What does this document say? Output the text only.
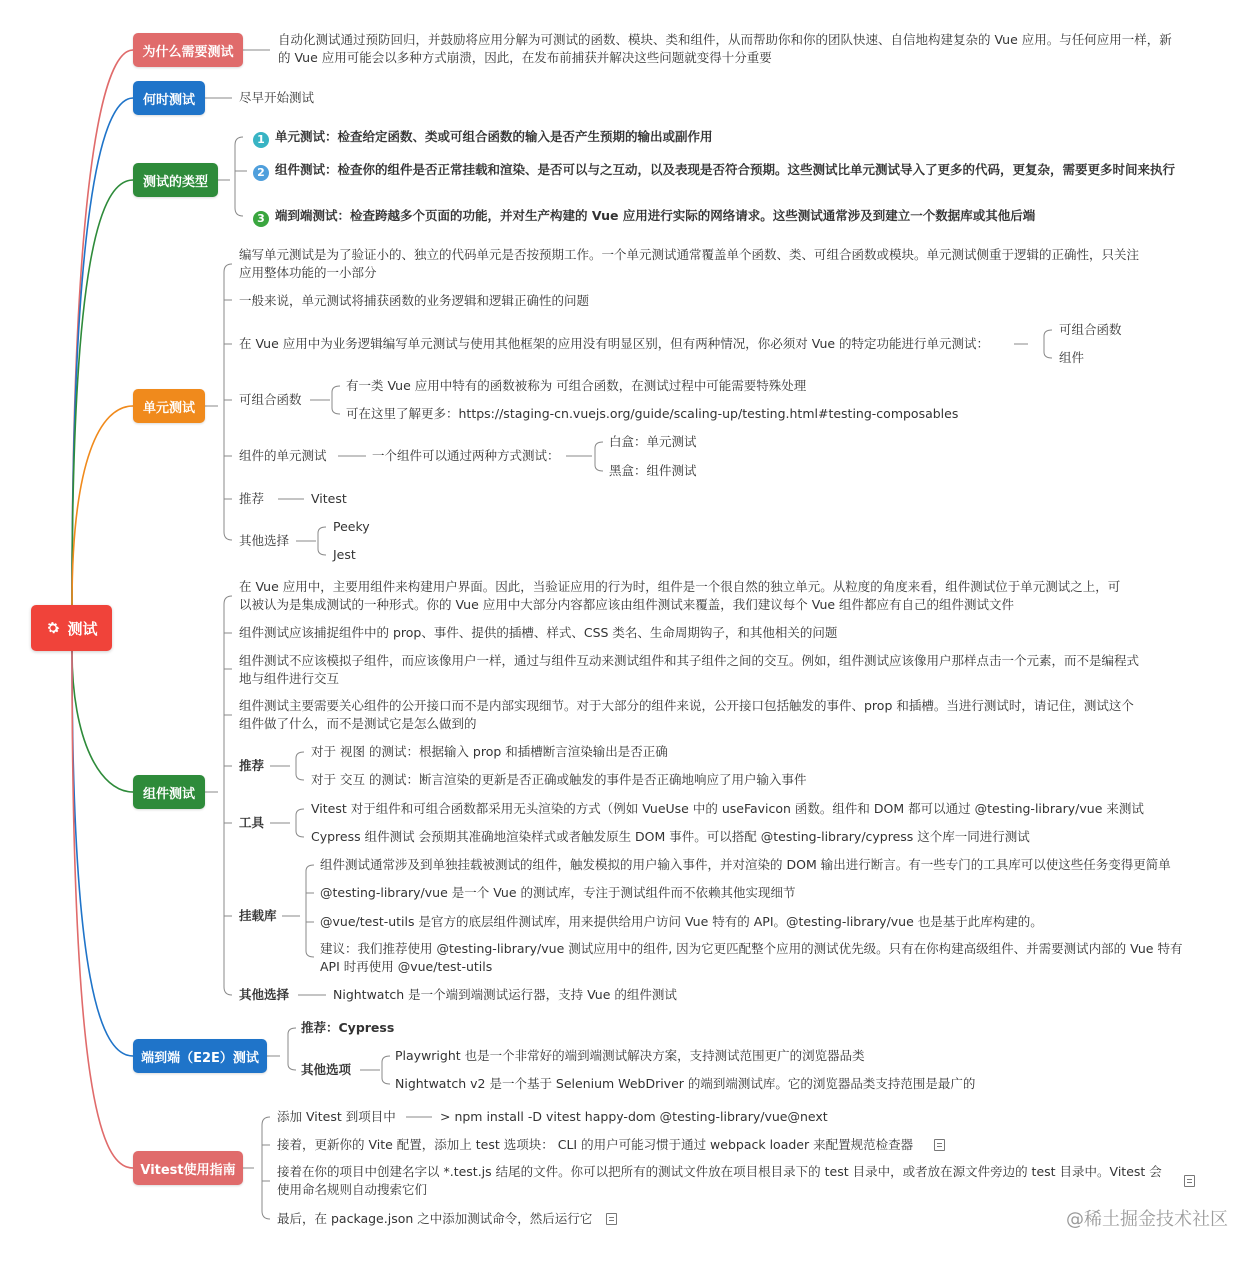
测试
为什么需要测试
何时测试
测试的类型
单元测试
组件测试
端到端（E2E）测试
Vitest使用指南
自动化测试通过预防回归，并鼓励将应用分解为可测试的函数、模块、类和组件，从而帮助你和你的团队快速、自信地构建复杂的 Vue 应用。与任何应用一样，新的 Vue 应用可能会以多种方式崩溃，因此，在发布前捕获并解决这些问题就变得十分重要
尽早开始测试
1 单元测试：检查给定函数、类或可组合函数的输入是否产生预期的输出或副作用
2 组件测试：检查你的组件是否正常挂载和渲染、是否可以与之互动，以及表现是否符合预期。这些测试比单元测试导入了更多的代码，更复杂，需要更多时间来执行
3 端到端测试：检查跨越多个页面的功能，并对生产构建的 Vue 应用进行实际的网络请求。这些测试通常涉及到建立一个数据库或其他后端
编写单元测试是为了验证小的、独立的代码单元是否按预期工作。一个单元测试通常覆盖单个函数、类、可组合函数或模块。单元测试侧重于逻辑的正确性，只关注应用整体功能的一小部分
一般来说，单元测试将捕获函数的业务逻辑和逻辑正确性的问题
在 Vue 应用中为业务逻辑编写单元测试与使用其他框架的应用没有明显区别，但有两种情况，你必须对 Vue 的特定功能进行单元测试：
可组合函数
组件
可组合函数
有一类 Vue 应用中特有的函数被称为 可组合函数，在测试过程中可能需要特殊处理
可在这里了解更多：https://staging-cn.vuejs.org/guide/scaling-up/testing.html#testing-composables
组件的单元测试	一个组件可以通过两种方式测试：
白盒：单元测试
黑盒：组件测试
推荐	Vitest
其他选择
Peeky
Jest
在 Vue 应用中，主要用组件来构建用户界面。因此，当验证应用的行为时，组件是一个很自然的独立单元。从粒度的角度来看，组件测试位于单元测试之上，可以被认为是集成测试的一种形式。你的 Vue 应用中大部分内容都应该由组件测试来覆盖，我们建议每个 Vue 组件都应有自己的组件测试文件
组件测试应该捕捉组件中的 prop、事件、提供的插槽、样式、CSS 类名、生命周期钩子，和其他相关的问题
组件测试不应该模拟子组件，而应该像用户一样，通过与组件互动来测试组件和其子组件之间的交互。例如，组件测试应该像用户那样点击一个元素，而不是编程式地与组件进行交互
组件测试主要需要关心组件的公开接口而不是内部实现细节。对于大部分的组件来说，公开接口包括触发的事件、prop 和插槽。当进行测试时，请记住，测试这个组件做了什么，而不是测试它是怎么做到的
推荐
对于 视图 的测试：根据输入 prop 和插槽断言渲染输出是否正确
对于 交互 的测试：断言渲染的更新是否正确或触发的事件是否正确地响应了用户输入事件
工具
Vitest 对于组件和可组合函数都采用无头渲染的方式（例如 VueUse 中的 useFavicon 函数。组件和 DOM 都可以通过 @testing-library/vue 来测试
Cypress 组件测试 会预期其准确地渲染样式或者触发原生 DOM 事件。可以搭配 @testing-library/cypress 这个库一同进行测试
挂载库
组件测试通常涉及到单独挂载被测试的组件，触发模拟的用户输入事件，并对渲染的 DOM 输出进行断言。有一些专门的工具库可以使这些任务变得更简单
@testing-library/vue 是一个 Vue 的测试库，专注于测试组件而不依赖其他实现细节
@vue/test-utils 是官方的底层组件测试库，用来提供给用户访问 Vue 特有的 API。@testing-library/vue 也是基于此库构建的。
建议：我们推荐使用 @testing-library/vue 测试应用中的组件, 因为它更匹配整个应用的测试优先级。只有在你构建高级组件、并需要测试内部的 Vue 特有 API 时再使用 @vue/test-utils
其他选择	Nightwatch 是一个端到端测试运行器，支持 Vue 的组件测试
推荐：Cypress
其他选项
Playwright 也是一个非常好的端到端测试解决方案，支持测试范围更广的浏览器品类
Nightwatch v2 是一个基于 Selenium WebDriver 的端到端测试库。它的浏览器品类支持范围是最广的
添加 Vitest 到项目中	> npm install -D vitest happy-dom @testing-library/vue@next
接着，更新你的 Vite 配置，添加上 test 选项块： CLI 的用户可能习惯于通过 webpack loader 来配置规范检查器
接着在你的项目中创建名字以 *.test.js 结尾的文件。你可以把所有的测试文件放在项目根目录下的 test 目录中，或者放在源文件旁边的 test 目录中。Vitest 会使用命名规则自动搜索它们
最后，在 package.json 之中添加测试命令，然后运行它	@稀土掘金技术社区
